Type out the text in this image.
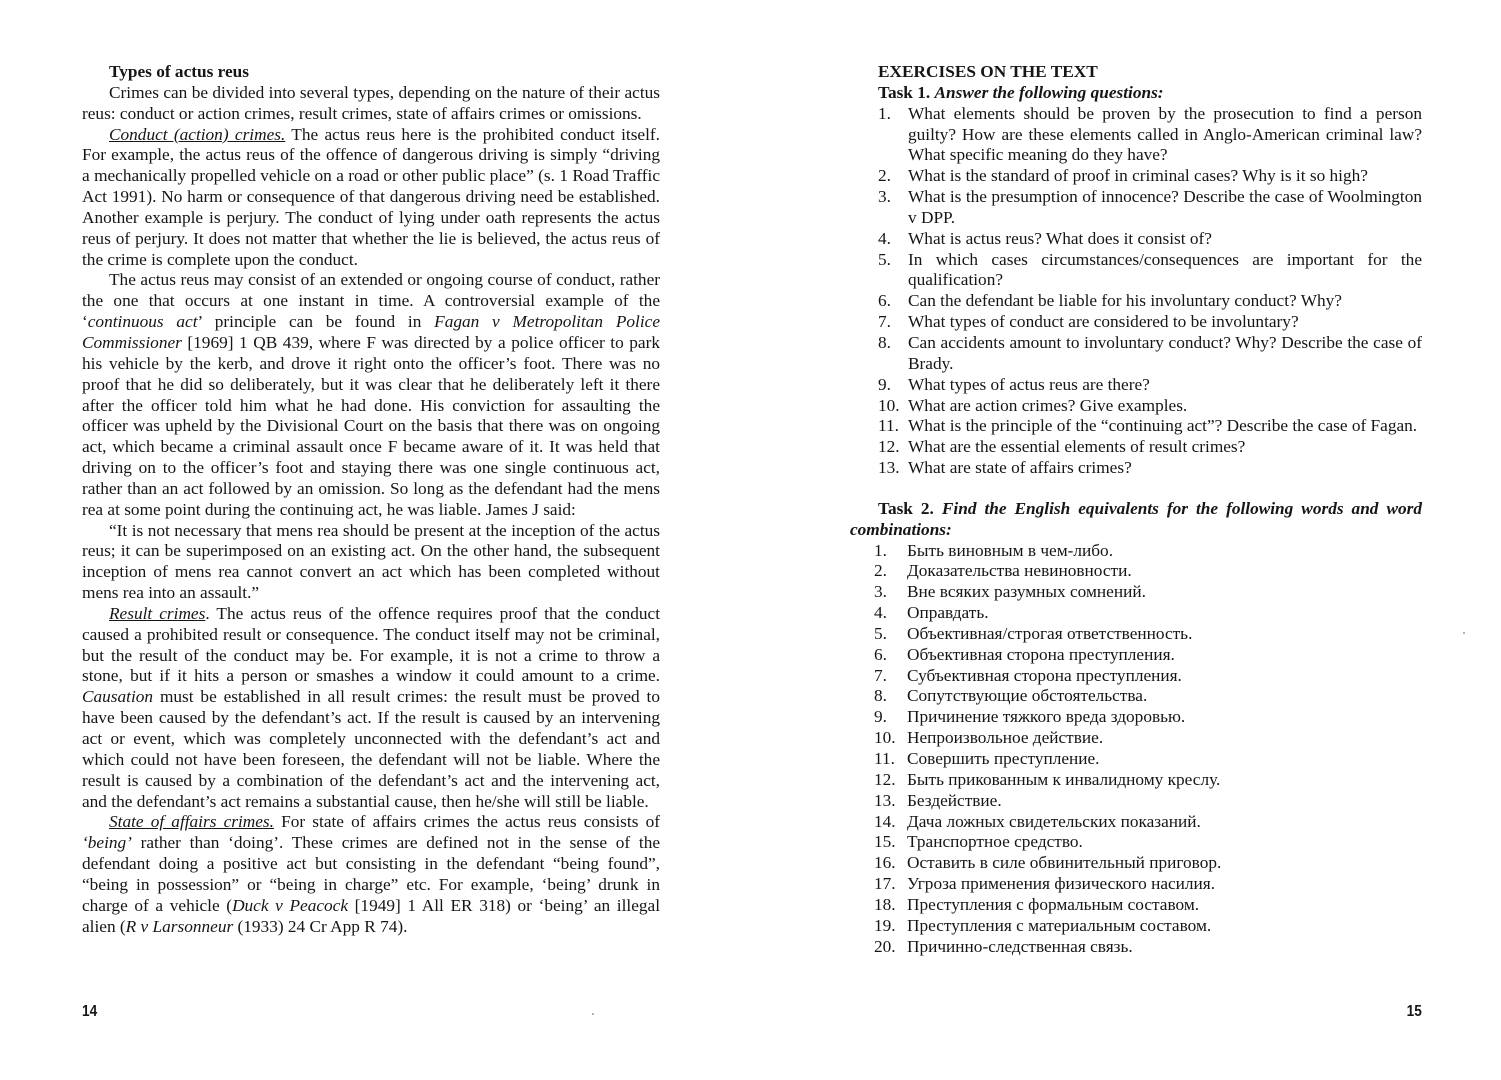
Types of actus reus

Crimes can be divided into several types, depending on the nature of their actus reus: conduct or action crimes, result crimes, state of affairs crimes or omissions.

Conduct (action) crimes. The actus reus here is the prohibited conduct itself. For example, the actus reus of the offence of dangerous driving is simply “driving a mechanically propelled vehicle on a road or other public place” (s. 1 Road Traffic Act 1991). No harm or consequence of that dangerous driving need be established. Another example is perjury. The conduct of lying under oath represents the actus reus of perjury. It does not matter that whether the lie is believed, the actus reus of the crime is complete upon the conduct.

The actus reus may consist of an extended or ongoing course of conduct, rather the one that occurs at one instant in time. A controversial example of the ‘continuous act’ principle can be found in Fagan v Metropolitan Police Commissioner [1969] 1 QB 439, where F was directed by a police officer to park his vehicle by the kerb, and drove it right onto the officer’s foot. There was no proof that he did so deliberately, but it was clear that he deliberately left it there after the officer told him what he had done. His conviction for assaulting the officer was upheld by the Divisional Court on the basis that there was on ongoing act, which became a criminal assault once F became aware of it. It was held that driving on to the officer’s foot and staying there was one single continuous act, rather than an act followed by an omission. So long as the defendant had the mens rea at some point during the continuing act, he was liable. James J said:

“It is not necessary that mens rea should be present at the inception of the actus reus; it can be superimposed on an existing act. On the other hand, the subsequent inception of mens rea cannot convert an act which has been completed without mens rea into an assault.”

Result crimes. The actus reus of the offence requires proof that the conduct caused a prohibited result or consequence. The conduct itself may not be criminal, but the result of the conduct may be. For example, it is not a crime to throw a stone, but if it hits a person or smashes a window it could amount to a crime. Causation must be established in all result crimes: the result must be proved to have been caused by the defendant’s act. If the result is caused by an intervening act or event, which was completely unconnected with the defendant’s act and which could not have been foreseen, the defendant will not be liable. Where the result is caused by a combination of the defendant’s act and the intervening act, and the defendant’s act remains a substantial cause, then he/she will still be liable.

State of affairs crimes. For state of affairs crimes the actus reus consists of ‘being’ rather than ‘doing’. These crimes are defined not in the sense of the defendant doing a positive act but consisting in the defendant “being found”, “being in possession” or “being in charge” etc. For example, ‘being’ drunk in charge of a vehicle (Duck v Peacock [1949] 1 All ER 318) or ‘being’ an illegal alien (R v Larsonneur (1933) 24 Cr App R 74).

14
EXERCISES ON THE TEXT
Task 1. Answer the following questions:
1. What elements should be proven by the prosecution to find a person guilty? How are these elements called in Anglo-American criminal law? What specific meaning do they have?
2. What is the standard of proof in criminal cases? Why is it so high?
3. What is the presumption of innocence? Describe the case of Woolmington v DPP.
4. What is actus reus? What does it consist of?
5. In which cases circumstances/consequences are important for the qualification?
6. Can the defendant be liable for his involuntary conduct? Why?
7. What types of conduct are considered to be involuntary?
8. Can accidents amount to involuntary conduct? Why? Describe the case of Brady.
9. What types of actus reus are there?
10. What are action crimes? Give examples.
11. What is the principle of the “continuing act”? Describe the case of Fagan.
12. What are the essential elements of result crimes?
13. What are state of affairs crimes?
Task 2. Find the English equivalents for the following words and word combinations:
1. Быть виновным в чем-либо.
2. Доказательства невиновности.
3. Вне всяких разумных сомнений.
4. Оправдать.
5. Объективная/строгая ответственность.
6. Объективная сторона преступления.
7. Субъективная сторона преступления.
8. Сопутствующие обстоятельства.
9. Причинение тяжкого вреда здоровью.
10. Непроизвольное действие.
11. Совершить преступление.
12. Быть прикованным к инвалидному креслу.
13. Бездействие.
14. Дача ложных свидетельских показаний.
15. Транспортное средство.
16. Оставить в силе обвинительный приговор.
17. Угроза применения физического насилия.
18. Преступления с формальным составом.
19. Преступления с материальным составом.
20. Причинно-следственная связь.
15
